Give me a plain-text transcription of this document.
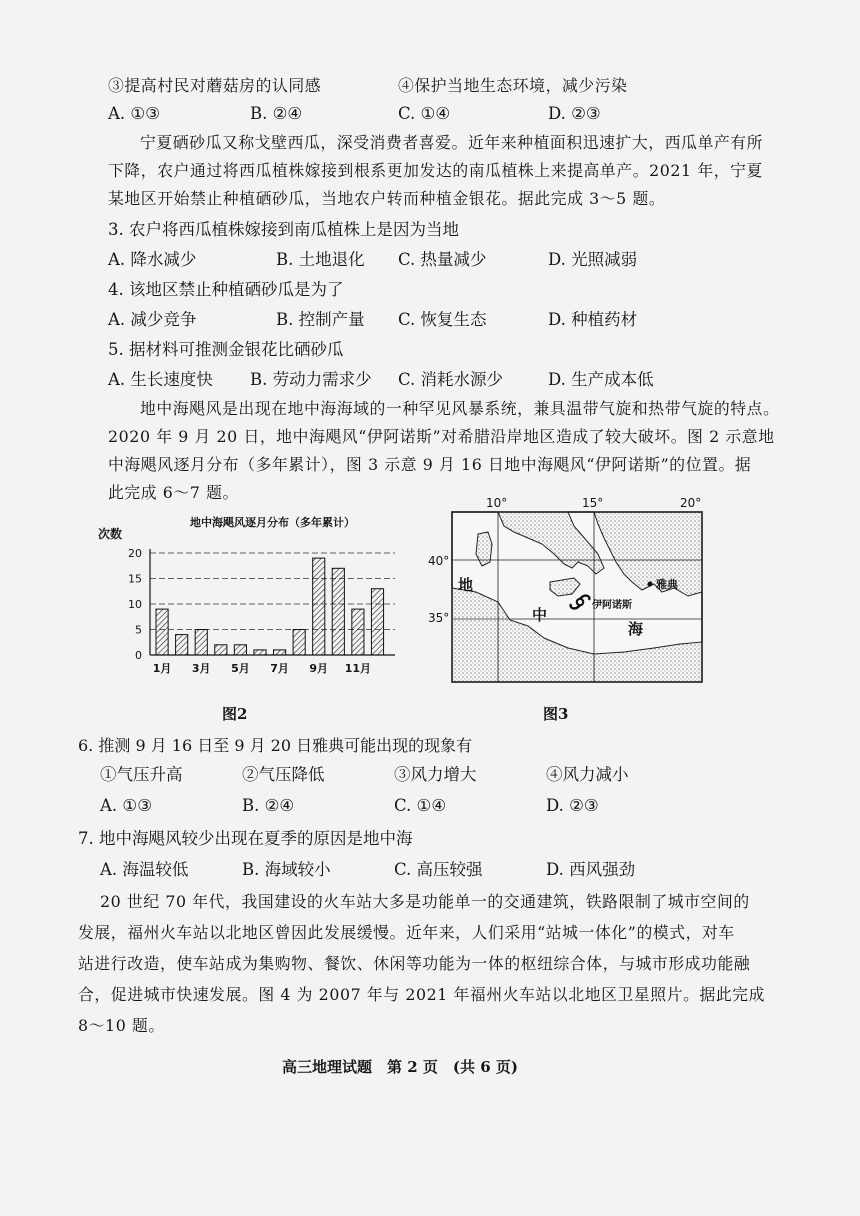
③提高村民对蘑菇房的认同感	④保护当地生态环境，减少污染
A. ①③	B. ②④	C. ①④	D. ②③
宁夏硒砂瓜又称戈壁西瓜，深受消费者喜爱。近年来种植面积迅速扩大，西瓜单产有所
下降，农户通过将西瓜植株嫁接到根系更加发达的南瓜植株上来提高单产。2021 年，宁夏
某地区开始禁止种植硒砂瓜，当地农户转而种植金银花。据此完成 3～5 题。
3. 农户将西瓜植株嫁接到南瓜植株上是因为当地
A. 降水减少	B. 土地退化 C. 热量减少	D. 光照减弱
4. 该地区禁止种植硒砂瓜是为了
A. 减少竞争	B. 控制产量 C. 恢复生态	D. 种植药材
5. 据材料可推测金银花比硒砂瓜
A. 生长速度快 B. 劳动力需求少 C. 消耗水源少	D. 生产成本低
地中海飓风是出现在地中海海域的一种罕见风暴系统，兼具温带气旋和热带气旋的特点。
2020 年 9 月 20 日，地中海飓风“伊阿诺斯”对希腊沿岸地区造成了较大破坏。图 2 示意地
中海飓风逐月分布（多年累计），图 3 示意 9 月 16 日地中海飓风“伊阿诺斯”的位置。据
此完成 6～7 题。
地中海飓风逐月分布（多年累计）
次数
0
5
10
15
20
1月 3月 5月 7月 9月 11月
图2
10°	15°	20°
40°
35°
地
中
海
雅典
伊阿诺斯
图3
6. 推测 9 月 16 日至 9 月 20 日雅典可能出现的现象有
①气压升高	②气压降低	③风力增大	④风力减小
A. ①③	B. ②④	C. ①④	D. ②③
7. 地中海飓风较少出现在夏季的原因是地中海
A. 海温较低	B. 海域较小	C. 高压较强	D. 西风强劲
20 世纪 70 年代，我国建设的火车站大多是功能单一的交通建筑，铁路限制了城市空间的
发展，福州火车站以北地区曾因此发展缓慢。近年来，人们采用“站城一体化”的模式，对车
站进行改造，使车站成为集购物、餐饮、休闲等功能为一体的枢纽综合体，与城市形成功能融
合，促进城市快速发展。图 4 为 2007 年与 2021 年福州火车站以北地区卫星照片。据此完成
8～10 题。
高三地理试题　第 2 页　(共 6 页)
